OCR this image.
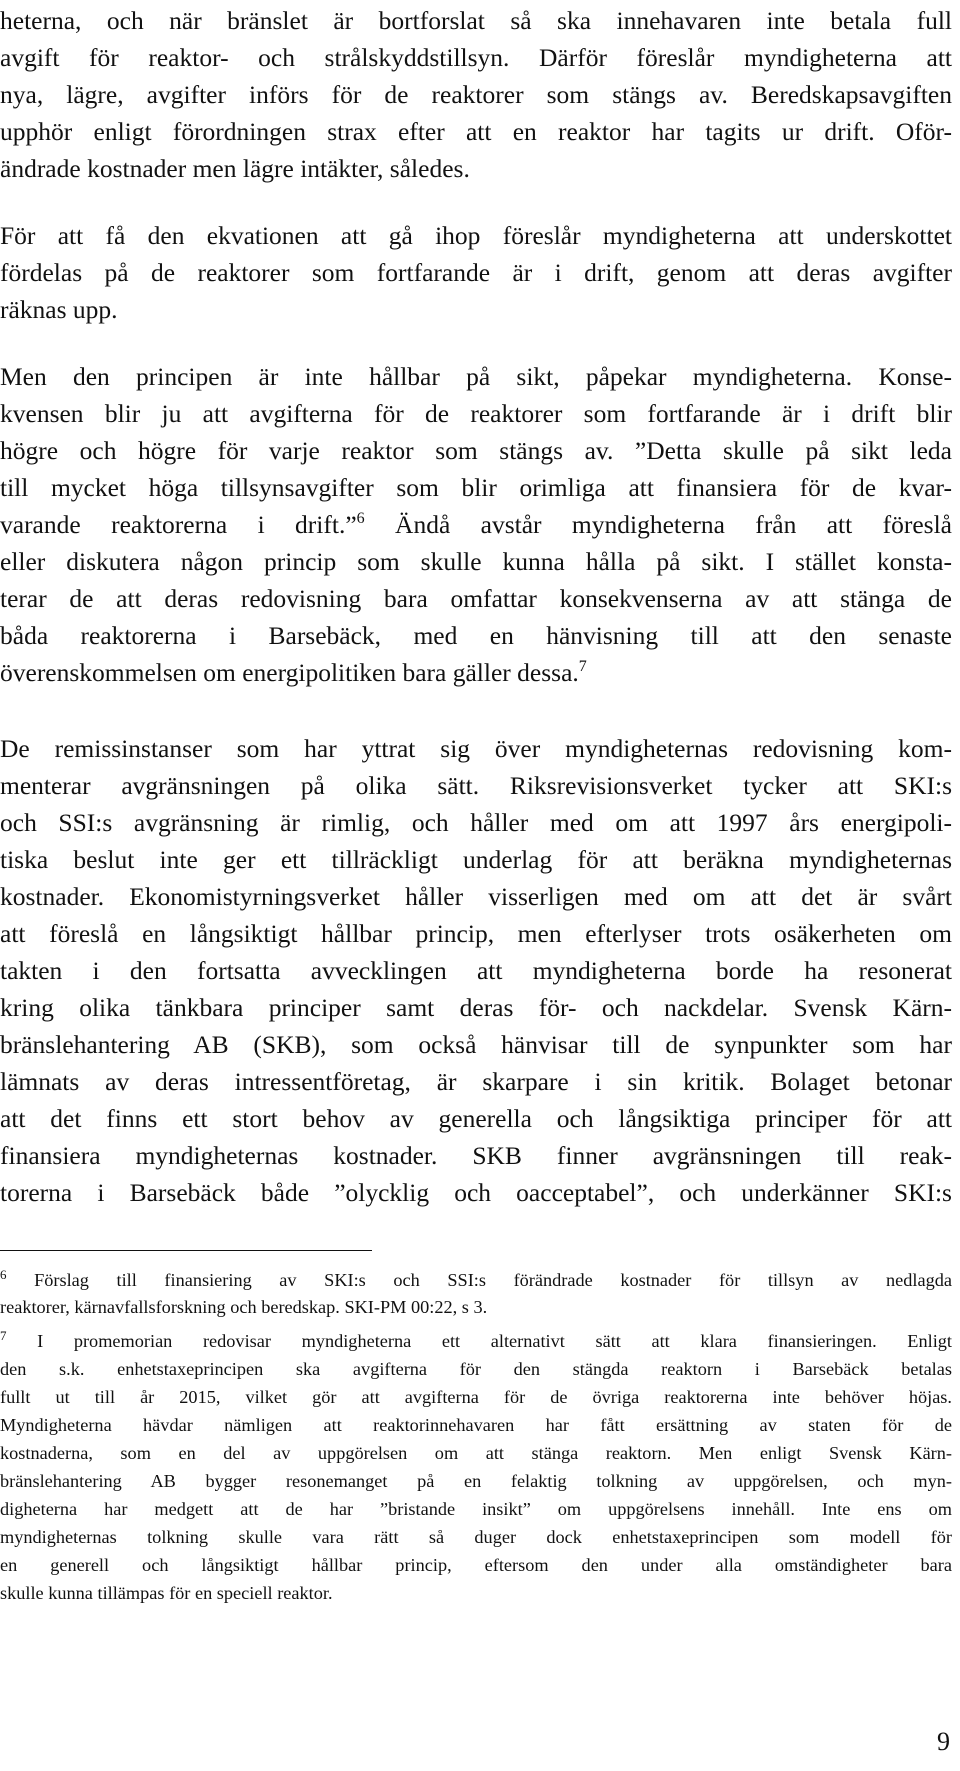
heterna, och när bränslet är bortforslat så ska innehavaren inte betala full
avgift för reaktor- och strålskyddstillsyn. Därför föreslår myndigheterna att
nya, lägre, avgifter införs för de reaktorer som stängs av. Beredskapsavgiften
upphör enligt förordningen strax efter att en reaktor har tagits ur drift. Oför-
ändrade kostnader men lägre intäkter, således.
För att få den ekvationen att gå ihop föreslår myndigheterna att underskottet
fördelas på de reaktorer som fortfarande är i drift, genom att deras avgifter
räknas upp.
Men den principen är inte hållbar på sikt, påpekar myndigheterna. Konse-
kvensen blir ju att avgifterna för de reaktorer som fortfarande är i drift blir
högre och högre för varje reaktor som stängs av. ”Detta skulle på sikt leda
till mycket höga tillsynsavgifter som blir orimliga att finansiera för de kvar-
varande reaktorerna i drift.”$^6$ Ändå avstår myndigheterna från att föreslå
eller diskutera någon princip som skulle kunna hålla på sikt. I stället konsta-
terar de att deras redovisning bara omfattar konsekvenserna av att stänga de
båda reaktorerna i Barsebäck, med en hänvisning till att den senaste
överenskommelsen om energipolitiken bara gäller dessa.$^7$
De remissinstanser som har yttrat sig över myndigheternas redovisning kom-
menterar avgränsningen på olika sätt. Riksrevisionsverket tycker att SKI:s
och SSI:s avgränsning är rimlig, och håller med om att 1997 års energipoli-
tiska beslut inte ger ett tillräckligt underlag för att beräkna myndigheternas
kostnader. Ekonomistyrningsverket håller visserligen med om att det är svårt
att föreslå en långsiktigt hållbar princip, men efterlyser trots osäkerheten om
takten i den fortsatta avvecklingen att myndigheterna borde ha resonerat
kring olika tänkbara principer samt deras för- och nackdelar. Svensk Kärn-
bränslehantering AB (SKB), som också hänvisar till de synpunkter som har
lämnats av deras intressentföretag, är skarpare i sin kritik. Bolaget betonar
att det finns ett stort behov av generella och långsiktiga principer för att
finansiera myndigheternas kostnader. SKB finner avgränsningen till reak-
torerna i Barsebäck både ”olycklig och oacceptabel”, och underkänner SKI:s
$^6$ Förslag till finansiering av SKI:s och SSI:s förändrade kostnader för tillsyn av nedlagda
reaktorer, kärnavfallsforskning och beredskap. SKI-PM 00:22, s 3.
$^7$ I promemorian redovisar myndigheterna ett alternativt sätt att klara finansieringen. Enligt
den s.k. enhetstaxeprincipen ska avgifterna för den stängda reaktorn i Barsebäck betalas
fullt ut till år 2015, vilket gör att avgifterna för de övriga reaktorerna inte behöver höjas.
Myndigheterna hävdar nämligen att reaktorinnehavaren har fått ersättning av staten för de
kostnaderna, som en del av uppgörelsen om att stänga reaktorn. Men enligt Svensk Kärn-
bränslehantering AB bygger resonemanget på en felaktig tolkning av uppgörelsen, och myn-
digheterna har medgett att de har ”bristande insikt” om uppgörelsens innehåll. Inte ens om
myndigheternas tolkning skulle vara rätt så duger dock enhetstaxeprincipen som modell för
en generell och långsiktigt hållbar princip, eftersom den under alla omständigheter bara
skulle kunna tillämpas för en speciell reaktor.
9
